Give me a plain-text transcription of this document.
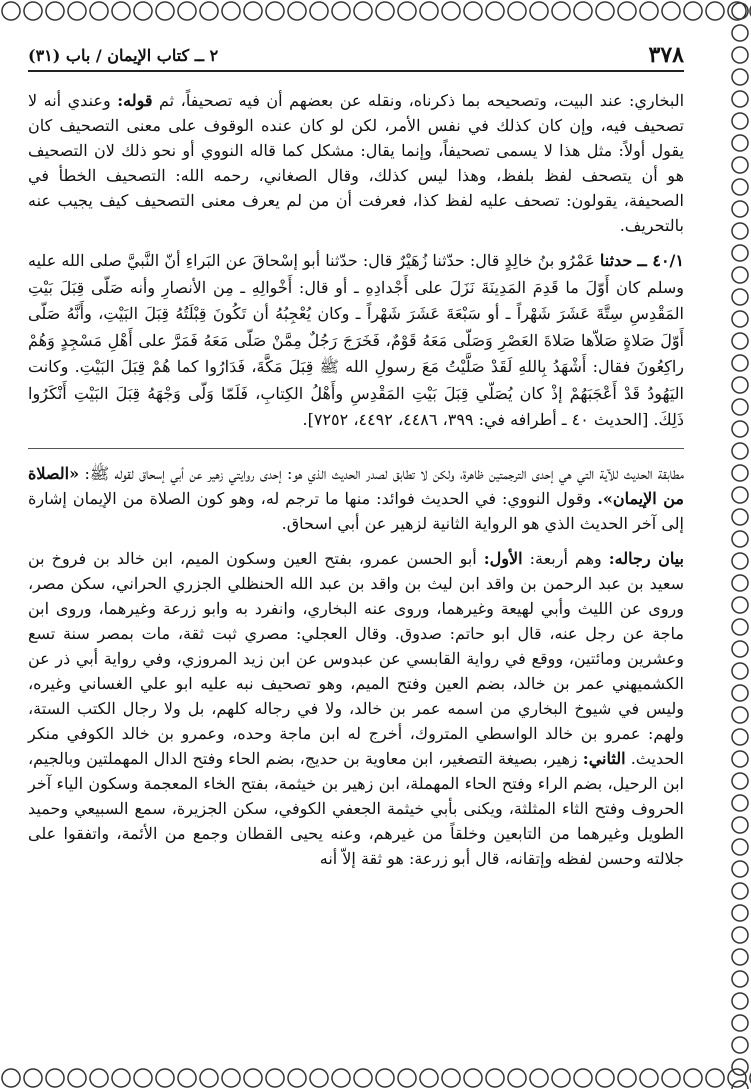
٣٧٨
٢ ــ كتاب الإيمان / باب (٣١)

البخاري: عند البيت، وتصحيحه بما ذكرناه، ونقله عن بعضهم أن فيه تصحيفاً، ثم قوله: وعندي أنه لا تصحيف فيه، وإن كان كذلك في نفس الأمر، لكن لو كان عنده الوقوف على معنى التصحيف كان يقول أولاً: مثل هذا لا يسمى تصحيفاً، وإنما يقال: مشكل كما قاله النووي أو نحو ذلك لان التصحيف هو أن يتصحف لفظ بلفظ، وهذا ليس كذلك، وقال الصغاني، رحمه الله: التصحيف الخطأ في الصحيفة، يقولون: تصحف عليه لفظ كذا، فعرفت أن من لم يعرف معنى التصحيف كيف يجيب عنه بالتحريف.

٤٠/١ ــ حدثنا عَمْرُو بنُ خالِدٍ قال: حدّثنا زُهَيْرٌ قال: حدّثنا أبو إسْحاقَ عن البَراءِ أنّ النَّبيَّ صلى الله عليه وسلم كان أَوّلَ ما قَدِمَ المَدِينَةَ نَزَلَ على أَجْدادِهِ ـ أو قال: أَخْوالِهِ ـ مِن الأنصارِ وأنه صَلّى قِبَلَ بَيْتِ المَقْدِسِ سِتَّةَ عَشَرَ شَهْراً ـ أو سَبْعَةَ عَشَرَ شَهْراً ـ وكان يُعْجِبُهُ أن تَكُونَ قِبْلَتُهُ قِبَلَ البَيْتِ، وأَنَّهُ صَلّى أَوّلَ صَلاةٍ صَلاّها صَلاةَ العَصْرِ وَصَلّى مَعَهُ قَوْمٌ، فَخَرَجَ رَجُلٌ مِمَّنْ صَلّى مَعَهُ فَمَرَّ على أَهْلِ مَسْجِدٍ وَهُمْ راكِعُونَ فقال: أَشْهَدُ بِاللهِ لَقَدْ صَلَّيْتُ مَعَ رسولِ الله ﷺ قِبَلَ مَكَّةَ، فَدَارُوا كما هُمْ قِبَلَ البَيْتِ. وكانت اليَهُودُ قَدْ أَعْجَبَهُمْ إذْ كان يُصَلّي قِبَلَ بَيْتِ المَقْدِسِ وأَهْلُ الكِتابِ، فَلَمّا وَلّى وَجْهَهُ قِبَلَ البَيْتِ أَنْكَرُوا ذَلِكَ. [الحديث ٤٠ ـ أطرافه في: ٣٩٩، ٤٤٨٦، ٤٤٩٢، ٧٢٥٢].

مطابقة الحديث للآية التي هي إحدى الترجمتين ظاهرة، ولكن لا تطابق لصدر الحديث الذي هو: إحدى روايتي زهير عن أبي إسحاق لقوله ﷺ: «الصلاة من الإيمان». وقول النووي: في الحديث فوائد: منها ما ترجم له، وهو كون الصلاة من الإيمان إشارة إلى آخر الحديث الذي هو الرواية الثانية لزهير عن أبي اسحاق.

بيان رجاله: وهم أربعة: الأول: أبو الحسن عمرو، بفتح العين وسكون الميم، ابن خالد بن فروخ بن سعيد بن عبد الرحمن بن واقد ابن ليث بن واقد بن عبد الله الحنظلي الجزري الحراني، سكن مصر، وروى عن الليث وأبي لهيعة وغيرهما، وروى عنه البخاري، وانفرد به وابو زرعة وغيرهما، وروى ابن ماجة عن رجل عنه، قال ابو حاتم: صدوق. وقال العجلي: مصري ثبت ثقة، مات بمصر سنة تسع وعشرين ومائتين، ووقع في رواية القابسي عن عبدوس عن ابن زيد المروزي، وفي رواية أبي ذر عن الكشميهني عمر بن خالد، بضم العين وفتح الميم، وهو تصحيف نبه عليه ابو علي الغساني وغيره، وليس في شيوخ البخاري من اسمه عمر بن خالد، ولا في رجاله كلهم، بل ولا رجال الكتب الستة، ولهم: عمرو بن خالد الواسطي المتروك، أخرج له ابن ماجة وحده، وعمرو بن خالد الكوفي منكر الحديث. الثاني: زهير، بصيغة التصغير، ابن معاوية بن حديج، بضم الحاء وفتح الدال المهملتين وبالجيم، ابن الرحيل، بضم الراء وفتح الحاء المهملة، ابن زهير بن خيثمة، بفتح الخاء المعجمة وسكون الياء آخر الحروف وفتح الثاء المثلثة، ويكنى بأبي خيثمة الجعفي الكوفي، سكن الجزيرة، سمع السبيعي وحميد الطويل وغيرهما من التابعين وخلقاً من غيرهم، وعنه يحيى القطان وجمع من الأئمة، واتفقوا على جلالته وحسن لفظه وإتقانه، قال أبو زرعة: هو ثقة إلاّ أنه
